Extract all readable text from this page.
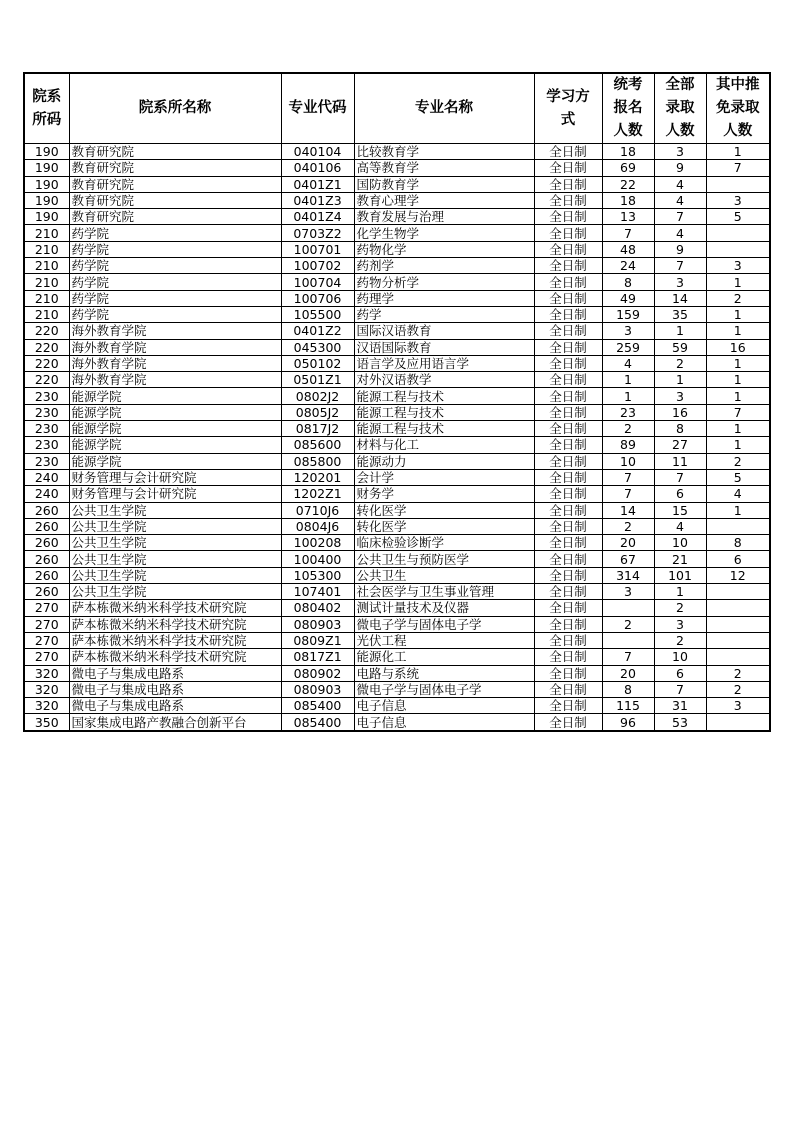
院系所码	院系所名称	专业代码	专业名称	学习方式	统考报名人数	全部录取人数	其中推免录取人数
190	教育研究院	040104	比较教育学	全日制	18	3	1
190	教育研究院	040106	高等教育学	全日制	69	9	7
190	教育研究院	0401Z1	国防教育学	全日制	22	4	
190	教育研究院	0401Z3	教育心理学	全日制	18	4	3
190	教育研究院	0401Z4	教育发展与治理	全日制	13	7	5
210	药学院	0703Z2	化学生物学	全日制	7	4	
210	药学院	100701	药物化学	全日制	48	9	
210	药学院	100702	药剂学	全日制	24	7	3
210	药学院	100704	药物分析学	全日制	8	3	1
210	药学院	100706	药理学	全日制	49	14	2
210	药学院	105500	药学	全日制	159	35	1
220	海外教育学院	0401Z2	国际汉语教育	全日制	3	1	1
220	海外教育学院	045300	汉语国际教育	全日制	259	59	16
220	海外教育学院	050102	语言学及应用语言学	全日制	4	2	1
220	海外教育学院	0501Z1	对外汉语教学	全日制	1	1	1
230	能源学院	0802J2	能源工程与技术	全日制	1	3	1
230	能源学院	0805J2	能源工程与技术	全日制	23	16	7
230	能源学院	0817J2	能源工程与技术	全日制	2	8	1
230	能源学院	085600	材料与化工	全日制	89	27	1
230	能源学院	085800	能源动力	全日制	10	11	2
240	财务管理与会计研究院	120201	会计学	全日制	7	7	5
240	财务管理与会计研究院	1202Z1	财务学	全日制	7	6	4
260	公共卫生学院	0710J6	转化医学	全日制	14	15	1
260	公共卫生学院	0804J6	转化医学	全日制	2	4	
260	公共卫生学院	100208	临床检验诊断学	全日制	20	10	8
260	公共卫生学院	100400	公共卫生与预防医学	全日制	67	21	6
260	公共卫生学院	105300	公共卫生	全日制	314	101	12
260	公共卫生学院	107401	社会医学与卫生事业管理	全日制	3	1	
270	萨本栋微米纳米科学技术研究院	080402	测试计量技术及仪器	全日制		2	
270	萨本栋微米纳米科学技术研究院	080903	微电子学与固体电子学	全日制	2	3	
270	萨本栋微米纳米科学技术研究院	0809Z1	光伏工程	全日制		2	
270	萨本栋微米纳米科学技术研究院	0817Z1	能源化工	全日制	7	10	
320	微电子与集成电路系	080902	电路与系统	全日制	20	6	2
320	微电子与集成电路系	080903	微电子学与固体电子学	全日制	8	7	2
320	微电子与集成电路系	085400	电子信息	全日制	115	31	3
350	国家集成电路产教融合创新平台	085400	电子信息	全日制	96	53	
